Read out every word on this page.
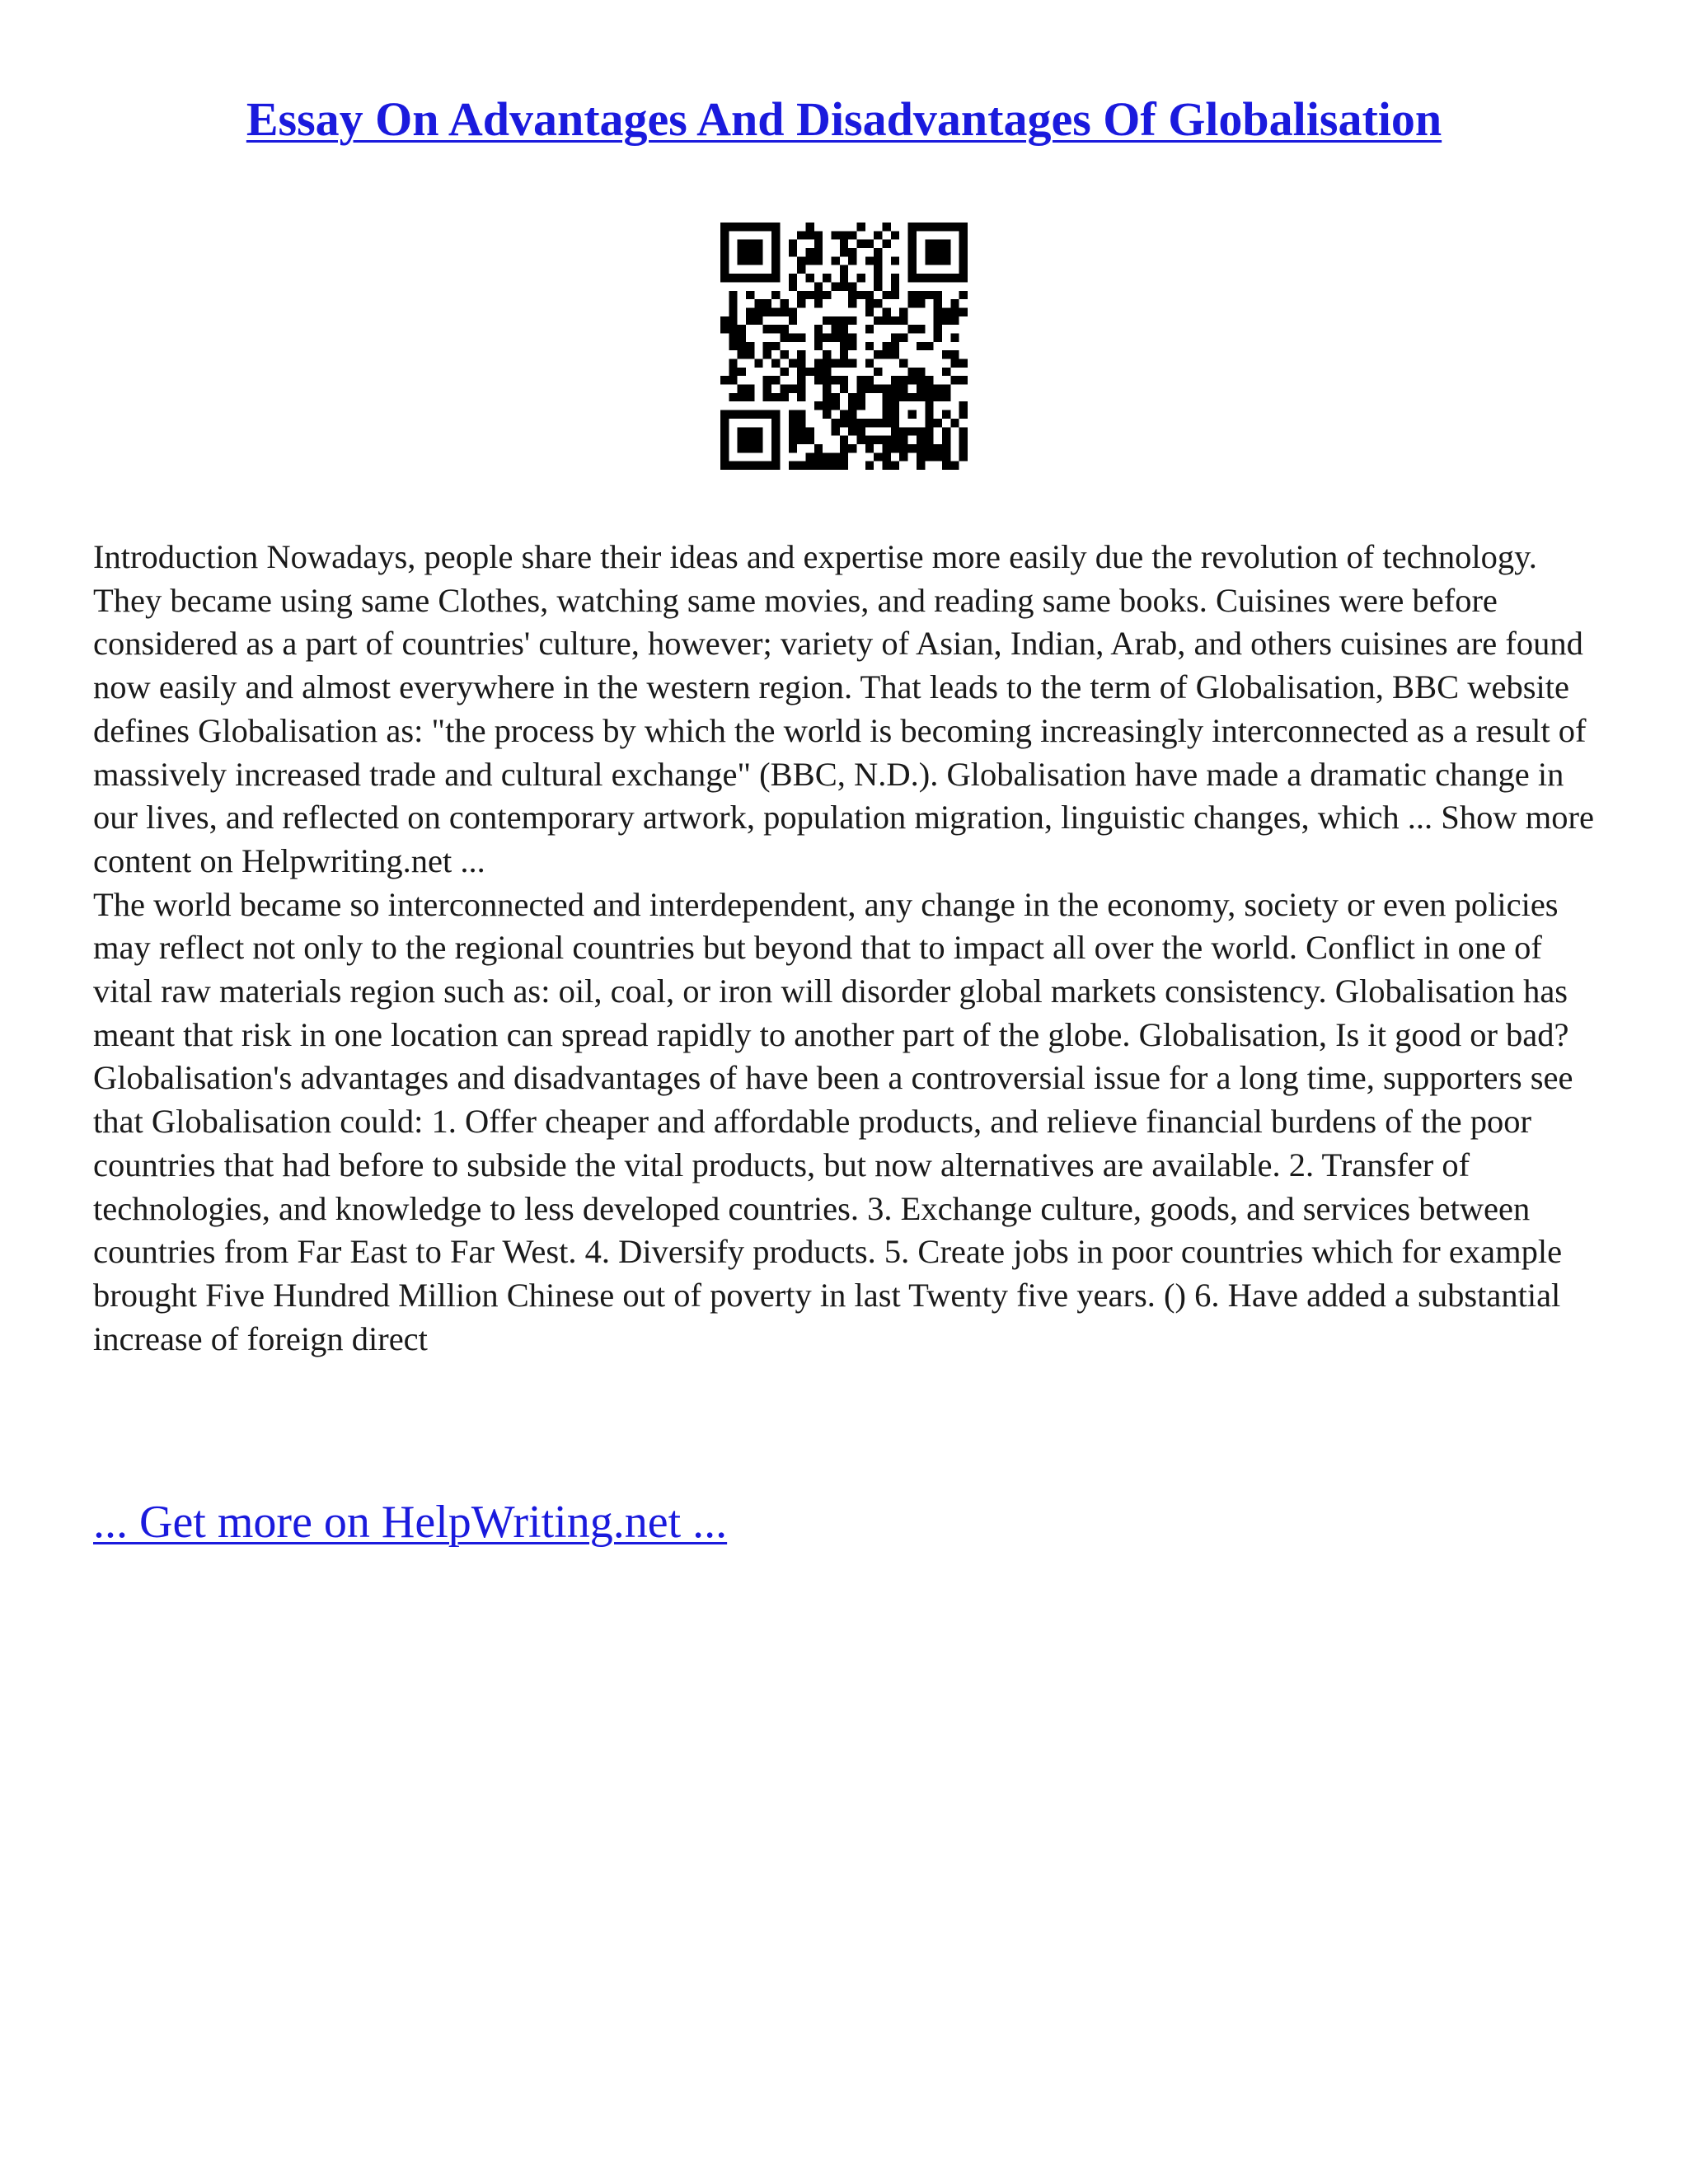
Essay On Advantages And Disadvantages Of Globalisation

Introduction Nowadays, people share their ideas and expertise more easily due the revolution of technology. They became using same Clothes, watching same movies, and reading same books. Cuisines were before considered as a part of countries' culture, however; variety of Asian, Indian, Arab, and others cuisines are found now easily and almost everywhere in the western region. That leads to the term of Globalisation, BBC website defines Globalisation as: "the process by which the world is becoming increasingly interconnected as a result of massively increased trade and cultural exchange" (BBC, N.D.). Globalisation have made a dramatic change in our lives, and reflected on contemporary artwork, population migration, linguistic changes, which ... Show more content on Helpwriting.net ...

The world became so interconnected and interdependent, any change in the economy, society or even policies may reflect not only to the regional countries but beyond that to impact all over the world. Conflict in one of vital raw materials region such as: oil, coal, or iron will disorder global markets consistency. Globalisation has meant that risk in one location can spread rapidly to another part of the globe. Globalisation, Is it good or bad? Globalisation's advantages and disadvantages of have been a controversial issue for a long time, supporters see that Globalisation could: 1. Offer cheaper and affordable products, and relieve financial burdens of the poor countries that had before to subside the vital products, but now alternatives are available. 2. Transfer of technologies, and knowledge to less developed countries. 3. Exchange culture, goods, and services between countries from Far East to Far West. 4. Diversify products. 5. Create jobs in poor countries which for example brought Five Hundred Million Chinese out of poverty in last Twenty five years. () 6. Have added a substantial increase of foreign direct

... Get more on HelpWriting.net ...
